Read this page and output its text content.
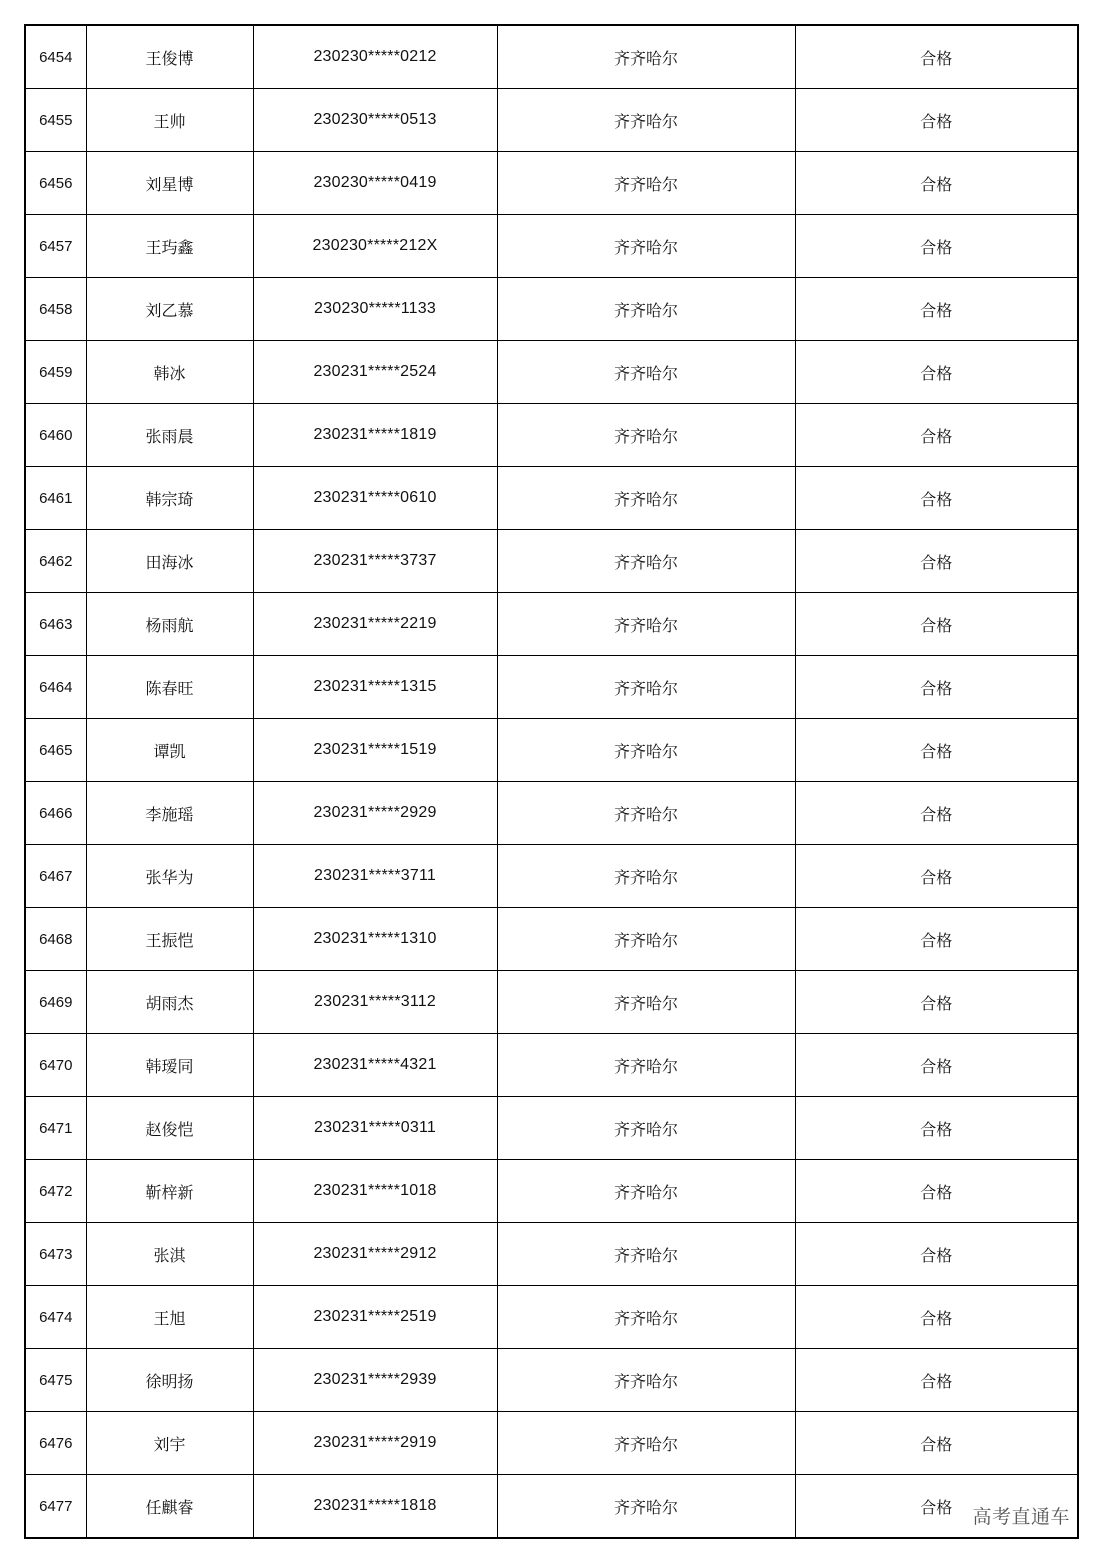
6454	王俊博	230230*****0212	齐齐哈尔	合格
6455	王帅	230230*****0513	齐齐哈尔	合格
6456	刘星博	230230*****0419	齐齐哈尔	合格
6457	王玙鑫	230230*****212X	齐齐哈尔	合格
6458	刘乙慕	230230*****1133	齐齐哈尔	合格
6459	韩冰	230231*****2524	齐齐哈尔	合格
6460	张雨晨	230231*****1819	齐齐哈尔	合格
6461	韩宗琦	230231*****0610	齐齐哈尔	合格
6462	田海冰	230231*****3737	齐齐哈尔	合格
6463	杨雨航	230231*****2219	齐齐哈尔	合格
6464	陈春旺	230231*****1315	齐齐哈尔	合格
6465	谭凯	230231*****1519	齐齐哈尔	合格
6466	李施瑶	230231*****2929	齐齐哈尔	合格
6467	张华为	230231*****3711	齐齐哈尔	合格
6468	王振恺	230231*****1310	齐齐哈尔	合格
6469	胡雨杰	230231*****3112	齐齐哈尔	合格
6470	韩瑷同	230231*****4321	齐齐哈尔	合格
6471	赵俊恺	230231*****0311	齐齐哈尔	合格
6472	靳梓新	230231*****1018	齐齐哈尔	合格
6473	张淇	230231*****2912	齐齐哈尔	合格
6474	王旭	230231*****2519	齐齐哈尔	合格
6475	徐明扬	230231*****2939	齐齐哈尔	合格
6476	刘宇	230231*****2919	齐齐哈尔	合格
6477	任麒睿	230231*****1818	齐齐哈尔	合格 高考直通车
